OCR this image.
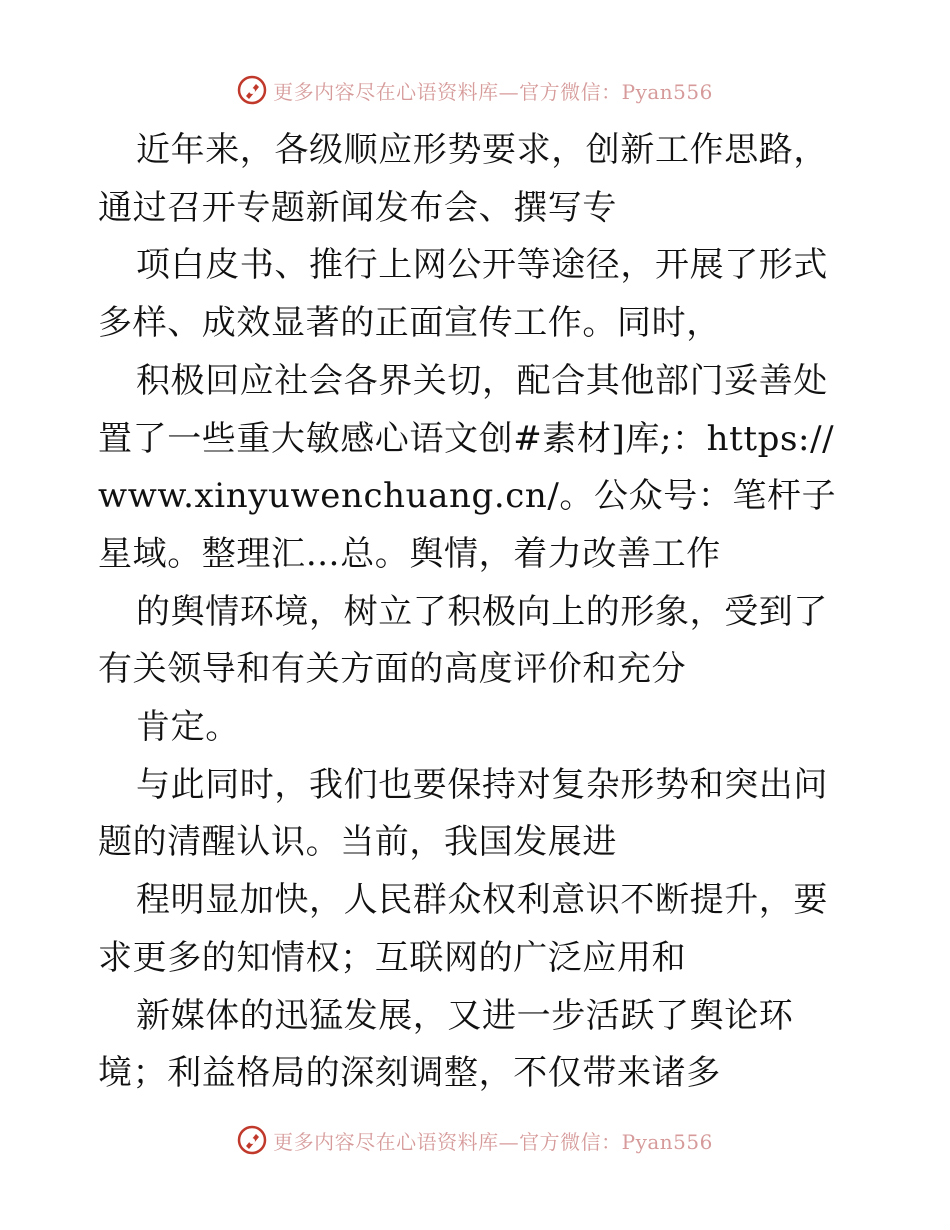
更多内容尽在心语资料库—官方微信：Pyan556

近年来，各级顺应形势要求，创新工作思路，通过召开专题新闻发布会、撰写专

项白皮书、推行上网公开等途径，开展了形式多样、成效显著的正面宣传工作。同时，

积极回应社会各界关切，配合其他部门妥善处置了一些重大敏感心语文创#素材]库;：https://www.xinyuwenchuang.cn/。公众号：笔杆子星域。整理汇…总。舆情，着力改善工作

的舆情环境，树立了积极向上的形象，受到了有关领导和有关方面的高度评价和充分

肯定。

与此同时，我们也要保持对复杂形势和突出问题的清醒认识。当前，我国发展进

程明显加快，人民群众权利意识不断提升，要求更多的知情权；互联网的广泛应用和

新媒体的迅猛发展，又进一步活跃了舆论环境；利益格局的深刻调整，不仅带来诸多

更多内容尽在心语资料库—官方微信：Pyan556
